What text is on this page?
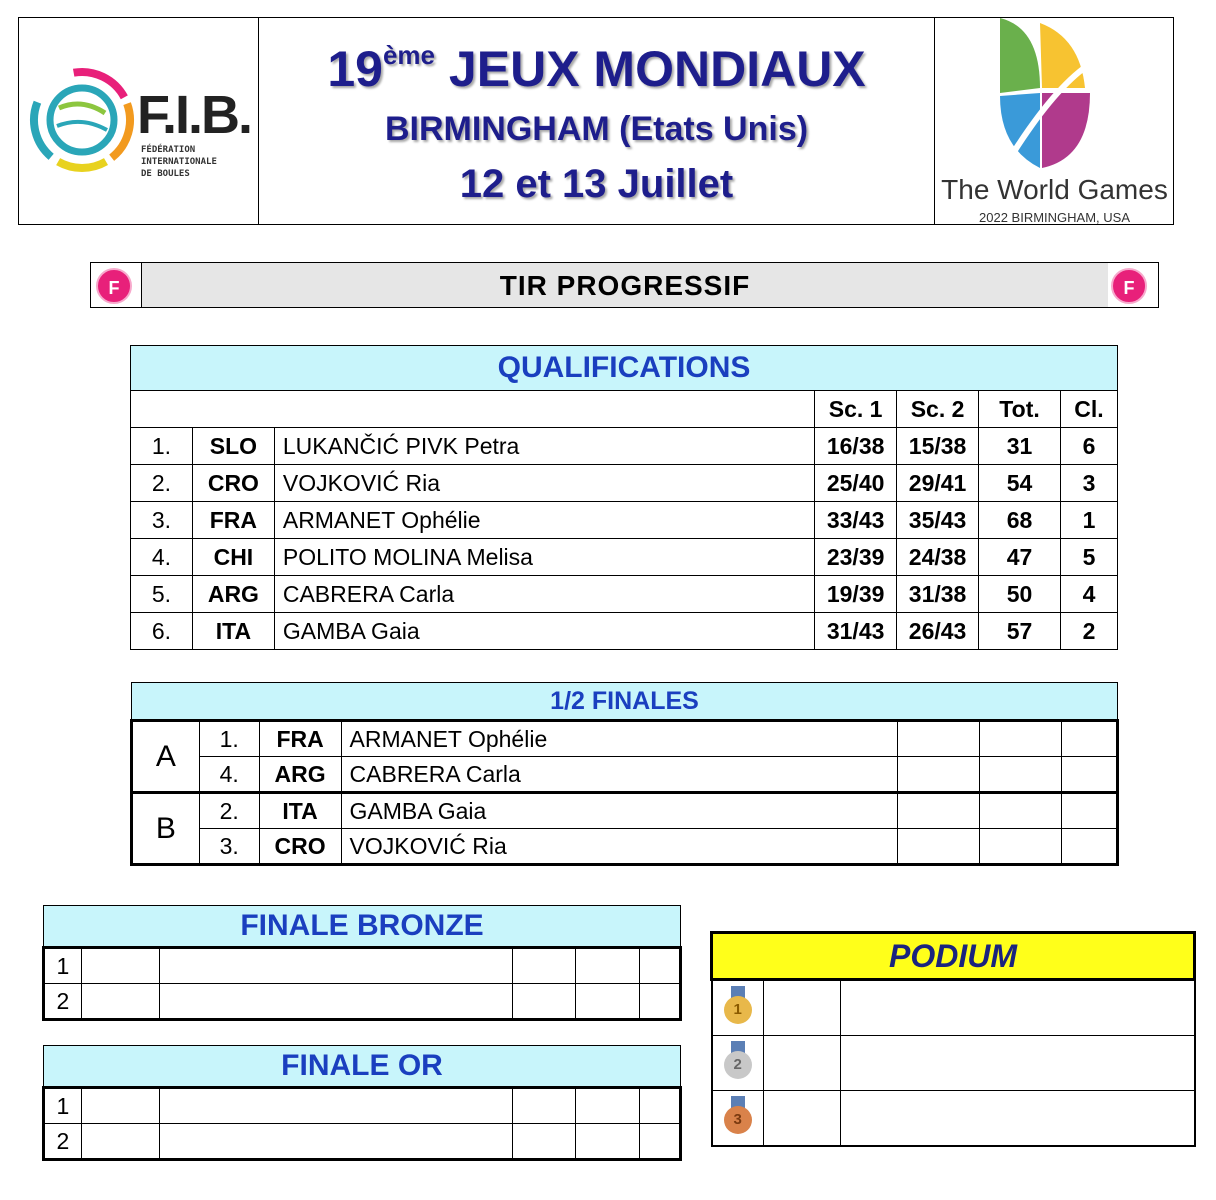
F.I.B.
FÉDÉRATION
INTERNATIONALE
DE BOULES
19ème JEUX MONDIAUX
BIRMINGHAM (Etats Unis)
12 et 13 Juillet	The World Games
2022 BIRMINGHAM, USA
F	TIR PROGRESSIF	F
QUALIFICATIONS						
			Sc. 1	Sc. 2	Tot.	Cl.
1.	SLO	LUKANČIĆ PIVK Petra	16/38	15/38	31	6
2.	CRO	VOJKOVIĆ Ria	25/40	29/41	54	3
3.	FRA	ARMANET Ophélie	33/43	35/43	68	1
4.	CHI	POLITO MOLINA Melisa	23/39	24/38	47	5
5.	ARG	CABRERA Carla	19/39	31/38	50	4
6.	ITA	GAMBA Gaia	31/43	26/43	57	2
1/2 FINALES						
A	1.	FRA	ARMANET Ophélie			
	4.	ARG	CABRERA Carla			
B	2.	ITA	GAMBA Gaia			
	3.	CRO	VOJKOVIĆ Ria			
FINALE BRONZE					
1					
2					
FINALE OR					
1					
2					
PODIUM		

1		

2		

3		
